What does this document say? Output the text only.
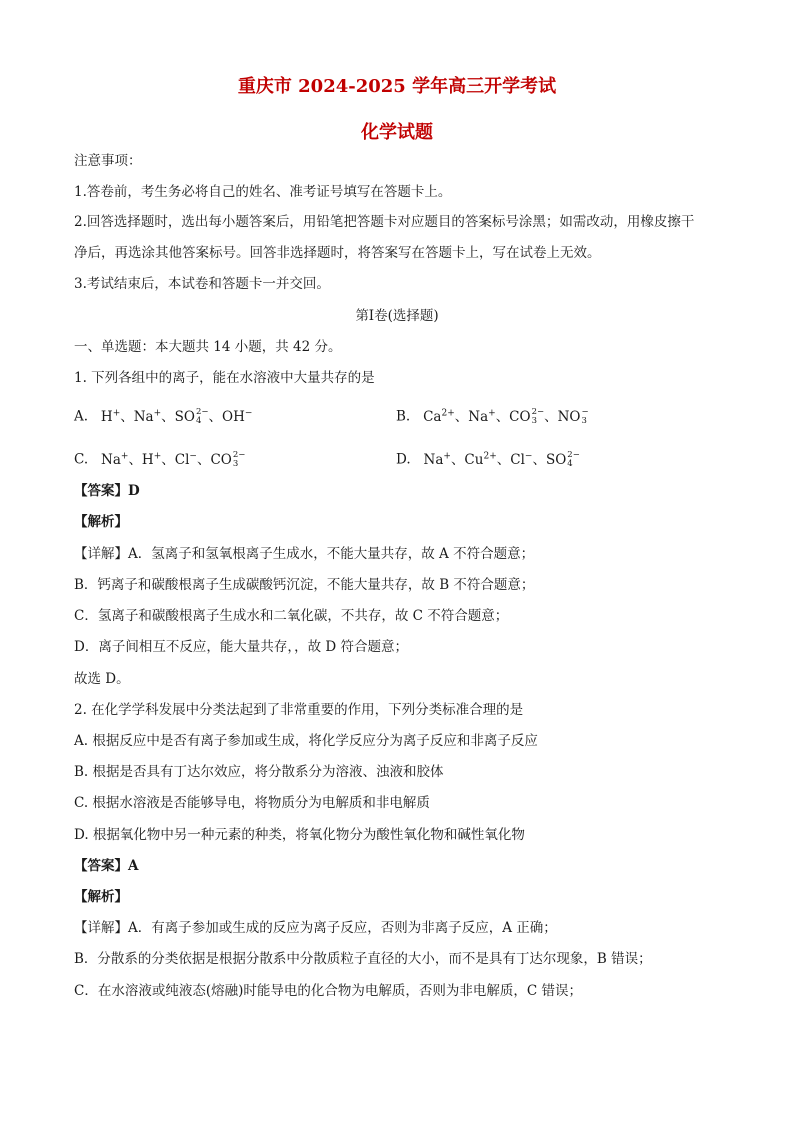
重庆市 2024-2025 学年高三开学考试
化学试题
注意事项：
1.答卷前，考生务必将自己的姓名、准考证号填写在答题卡上。
2.回答选择题时，选出每小题答案后，用铅笔把答题卡对应题目的答案标号涂黑；如需改动，用橡皮擦干
净后，再选涂其他答案标号。回答非选择题时，将答案写在答题卡上，写在试卷上无效。
3.考试结束后，本试卷和答题卡一并交回。
第Ⅰ卷(选择题)
一、单选题：本大题共 14 小题，共 42 分。
1. 下列各组中的离子，能在水溶液中大量共存的是
A.   H+、Na+、SO 2−
4 、OH−	B.   $Ca^{2+}$、Na+、CO 2−
3 、NO −
3
C.   Na+、H+、Cl−、CO 2−
3	D.   Na+、$Cu^{2+}$、Cl−、SO 2−
4
【答案】D
【解析】
【详解】A．氢离子和氢氧根离子生成水，不能大量共存，故 A 不符合题意；
B．钙离子和碳酸根离子生成碳酸钙沉淀，不能大量共存，故 B 不符合题意；
C．氢离子和碳酸根离子生成水和二氧化碳，不共存，故 C 不符合题意；
D．离子间相互不反应，能大量共存，，故 D 符合题意；
故选 D。
2. 在化学学科发展中分类法起到了非常重要的作用，下列分类标准合理的是
A. 根据反应中是否有离子参加或生成，将化学反应分为离子反应和非离子反应
B. 根据是否具有丁达尔效应，将分散系分为溶液、浊液和胶体
C. 根据水溶液是否能够导电，将物质分为电解质和非电解质
D. 根据氧化物中另一种元素的种类，将氧化物分为酸性氧化物和碱性氧化物
【答案】A
【解析】
【详解】A．有离子参加或生成的反应为离子反应，否则为非离子反应，A 正确；
B．分散系的分类依据是根据分散系中分散质粒子直径的大小，而不是具有丁达尔现象，B 错误；
C．在水溶液或纯液态(熔融)时能导电的化合物为电解质，否则为非电解质，C 错误；
